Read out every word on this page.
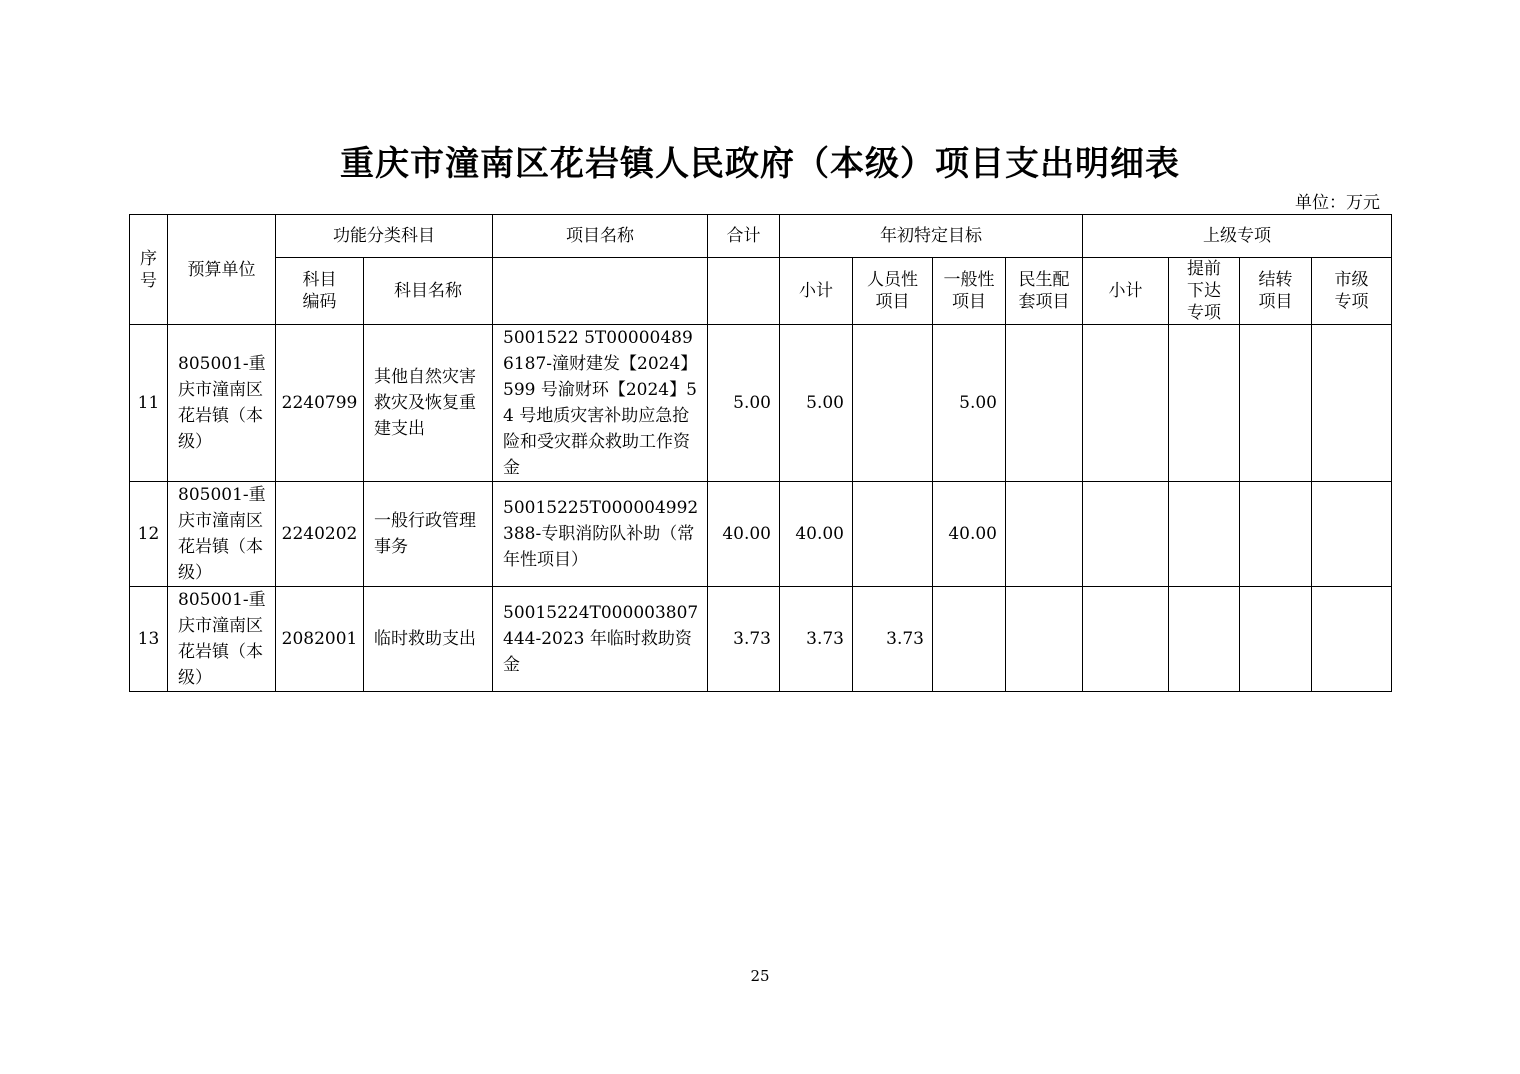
重庆市潼南区花岩镇人民政府（本级）项目支出明细表
单位：万元
序号	预算单位	功能分类科目		项目名称	合计	年初特定目标				上级专项			

		科目编码	科目名称			小计	人员性项目	一般性项目	民生配套项目	小计	提前下达专项	结转项目	市级专项

11	805001-重庆市潼南区花岩镇（本级）	2240799	其他自然灾害救灾及恢复重建支出	5001522 5T000004896187-潼财建发【2024】599 号渝财环【2024】54 号地质灾害补助应急抢险和受灾群众救助工作资金	5.00	5.00		5.00					
12	805001-重庆市潼南区花岩镇（本级）	2240202	一般行政管理事务	50015225T000004992388-专职消防队补助（常年性项目）	40.00	40.00		40.00					
13	805001-重庆市潼南区花岩镇（本级）	2082001	临时救助支出	50015224T000003807444-2023 年临时救助资金	3.73	3.73	3.73						
25
